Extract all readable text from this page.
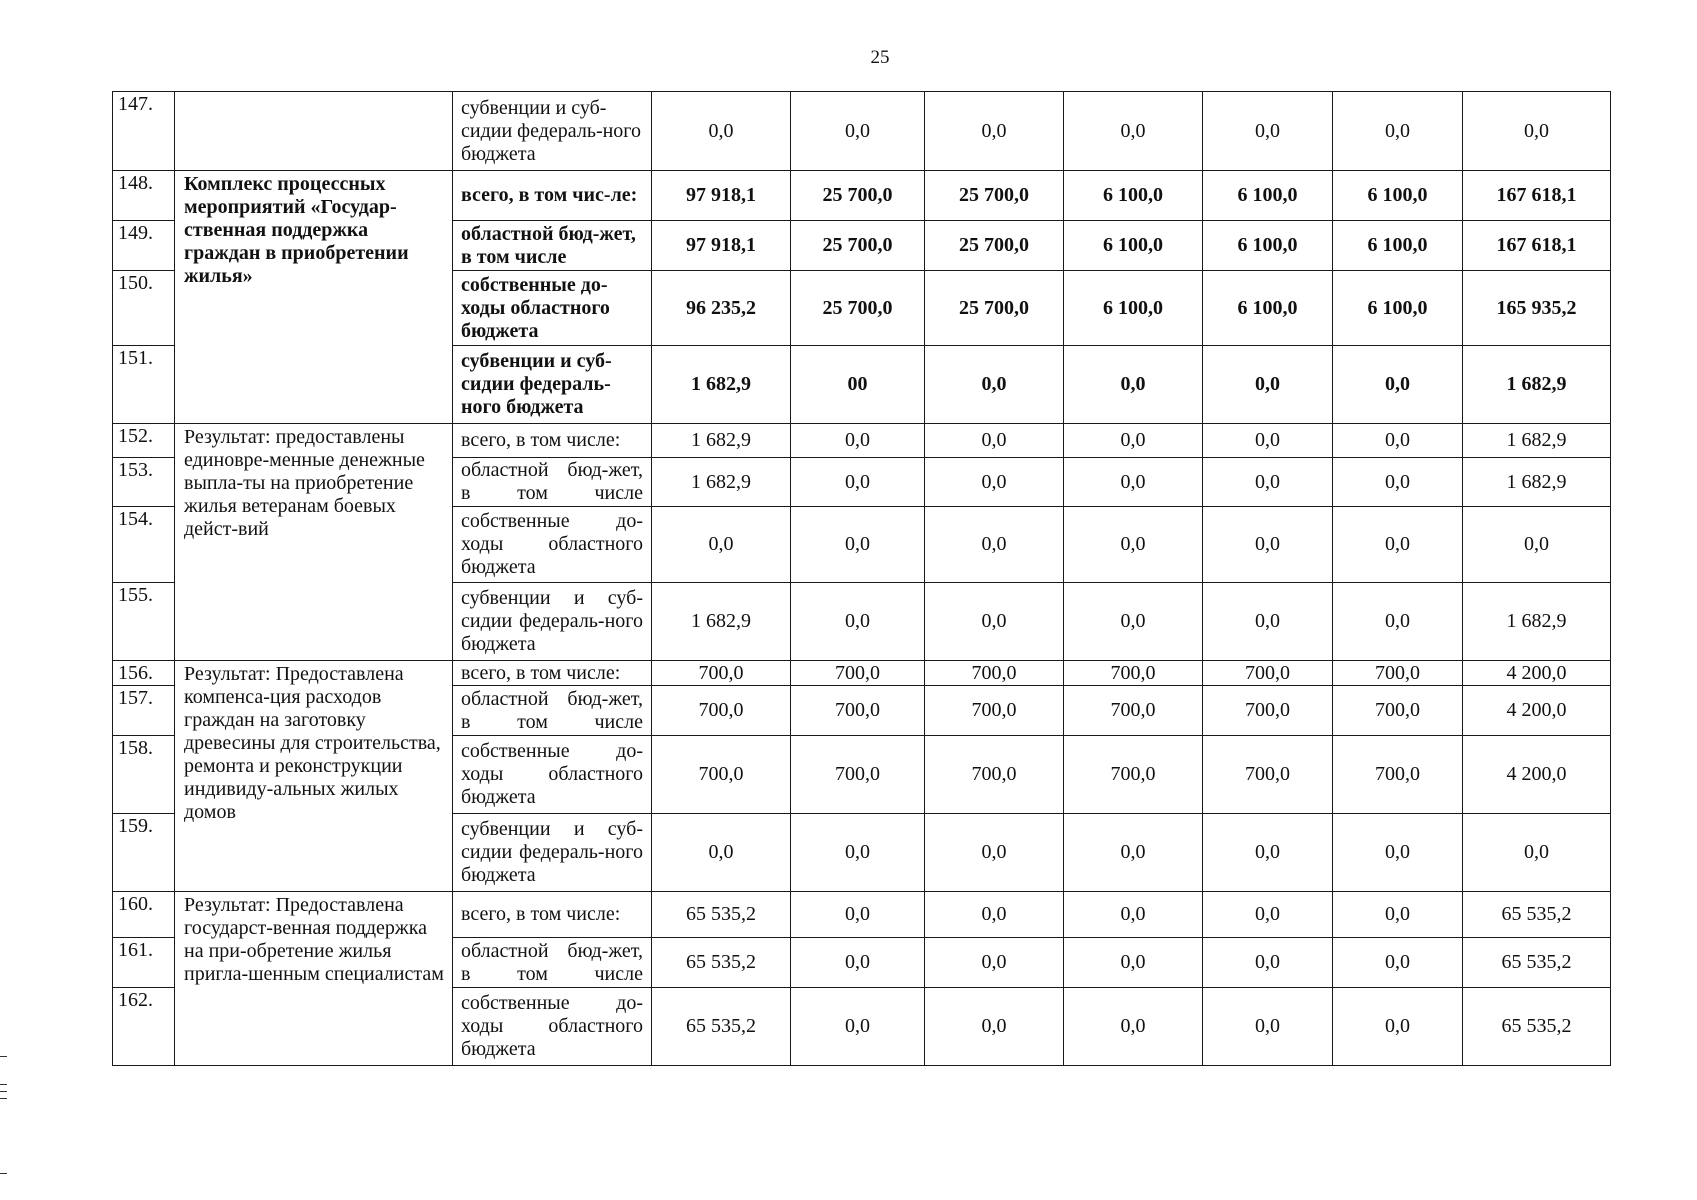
25
147.		субвенции и суб-сидии федераль-ного бюджета	0,0	0,0	0,0	0,0	0,0	0,0	0,0
148.	Комплекс процессных мероприятий «Государ-ственная поддержка граждан в приобретении жилья»	всего, в том чис-ле:	97 918,1	25 700,0	25 700,0	6 100,0	6 100,0	6 100,0	167 618,1
149.		областной бюд-жет, в том числе	97 918,1	25 700,0	25 700,0	6 100,0	6 100,0	6 100,0	167 618,1
150.		собственные до-ходы областного бюджета	96 235,2	25 700,0	25 700,0	6 100,0	6 100,0	6 100,0	165 935,2
151.		субвенции и суб-сидии федераль-ного бюджета	1 682,9	00	0,0	0,0	0,0	0,0	1 682,9
152.	Результат: предоставлены единовре-менные денежные выпла-ты на приобретение жилья ветеранам боевых дейст-вий	всего, в том числе:	1 682,9	0,0	0,0	0,0	0,0	0,0	1 682,9
153.		областной бюд-жет, в том числе	1 682,9	0,0	0,0	0,0	0,0	0,0	1 682,9
154.		собственные до-ходы областного бюджета	0,0	0,0	0,0	0,0	0,0	0,0	0,0
155.		субвенции и суб-сидии федераль-ного бюджета	1 682,9	0,0	0,0	0,0	0,0	0,0	1 682,9
156.	Результат: Предоставлена компенса-ция расходов граждан на заготовку древесины для строительства, ремонта и реконструкции индивиду-альных жилых домов	всего, в том числе:	700,0	700,0	700,0	700,0	700,0	700,0	4 200,0
157.		областной бюд-жет, в том числе	700,0	700,0	700,0	700,0	700,0	700,0	4 200,0
158.		собственные до-ходы областного бюджета	700,0	700,0	700,0	700,0	700,0	700,0	4 200,0
159.		субвенции и суб-сидии федераль-ного бюджета	0,0	0,0	0,0	0,0	0,0	0,0	0,0
160.	Результат: Предоставлена государст-венная поддержка на при-обретение жилья пригла-шенным специалистам	всего, в том числе:	65 535,2	0,0	0,0	0,0	0,0	0,0	65 535,2
161.		областной бюд-жет, в том числе	65 535,2	0,0	0,0	0,0	0,0	0,0	65 535,2
162.		собственные до-ходы областного бюджета	65 535,2	0,0	0,0	0,0	0,0	0,0	65 535,2
